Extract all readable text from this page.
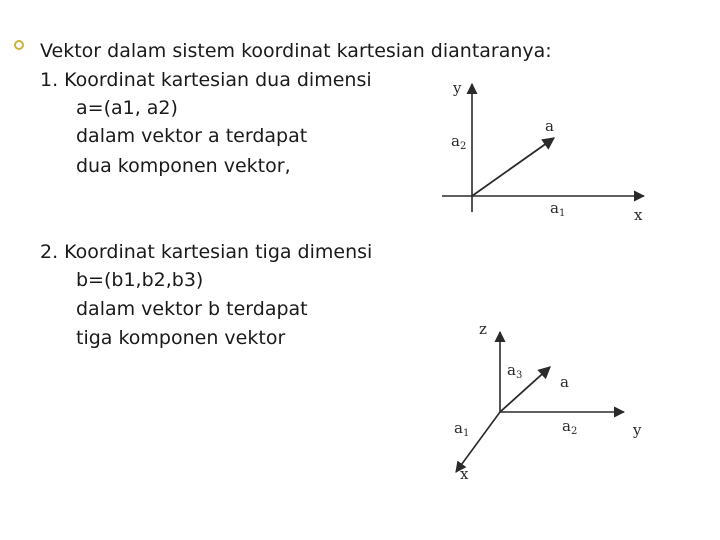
Vektor dalam sistem koordinat kartesian diantaranya:
1. Koordinat kartesian dua dimensi
a=(a1, a2)
dalam vektor a terdapat
dua komponen vektor,
2. Koordinat kartesian tiga dimensi
b=(b1,b2,b3)
dalam vektor b terdapat
tiga komponen vektor
y
x
a
a2
a1
z
y
x
a
a3
a2
a1
